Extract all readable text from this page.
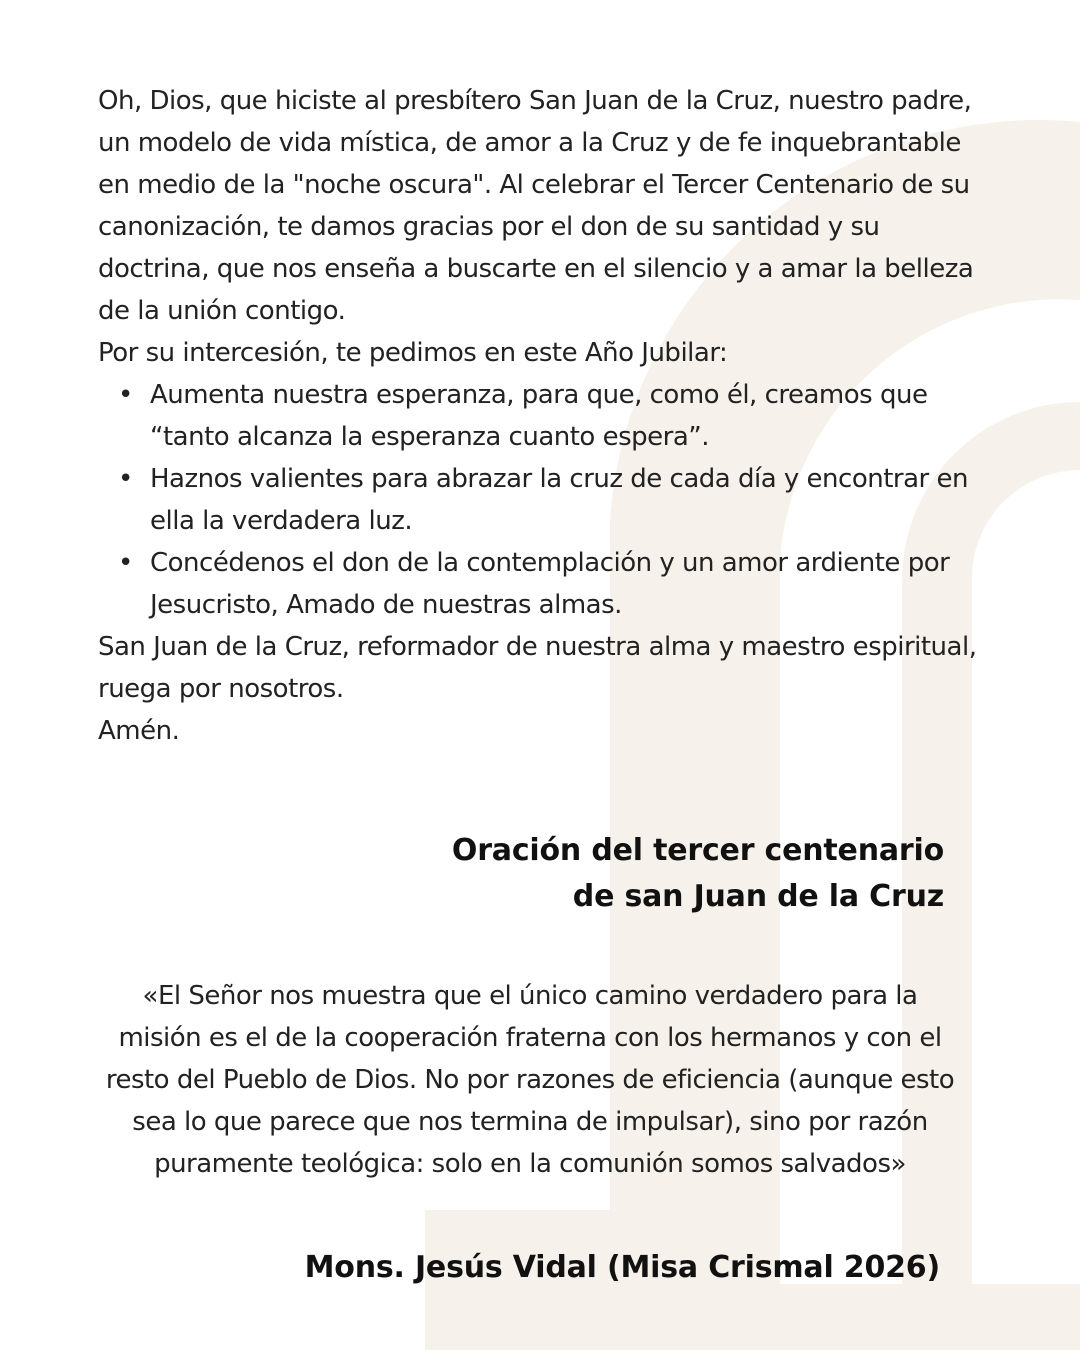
Oh, Dios, que hiciste al presbítero San Juan de la Cruz, nuestro padre, un modelo de vida mística, de amor a la Cruz y de fe inquebrantable en medio de la "noche oscura". Al celebrar el Tercer Centenario de su canonización, te damos gracias por el don de su santidad y su doctrina, que nos enseña a buscarte en el silencio y a amar la belleza de la unión contigo.

Por su intercesión, te pedimos en este Año Jubilar:

• Aumenta nuestra esperanza, para que, como él, creamos que “tanto alcanza la esperanza cuanto espera”.
• Haznos valientes para abrazar la cruz de cada día y encontrar en ella la verdadera luz.
• Concédenos el don de la contemplación y un amor ardiente por Jesucristo, Amado de nuestras almas.

San Juan de la Cruz, reformador de nuestra alma y maestro espiritual, ruega por nosotros.

Amén.

Oración del tercer centenario
de san Juan de la Cruz
«El Señor nos muestra que el único camino verdadero para la misión es el de la cooperación fraterna con los hermanos y con el resto del Pueblo de Dios. No por razones de eficiencia (aunque esto sea lo que parece que nos termina de impulsar), sino por razón puramente teológica: solo en la comunión somos salvados»
Mons. Jesús Vidal (Misa Crismal 2026)
